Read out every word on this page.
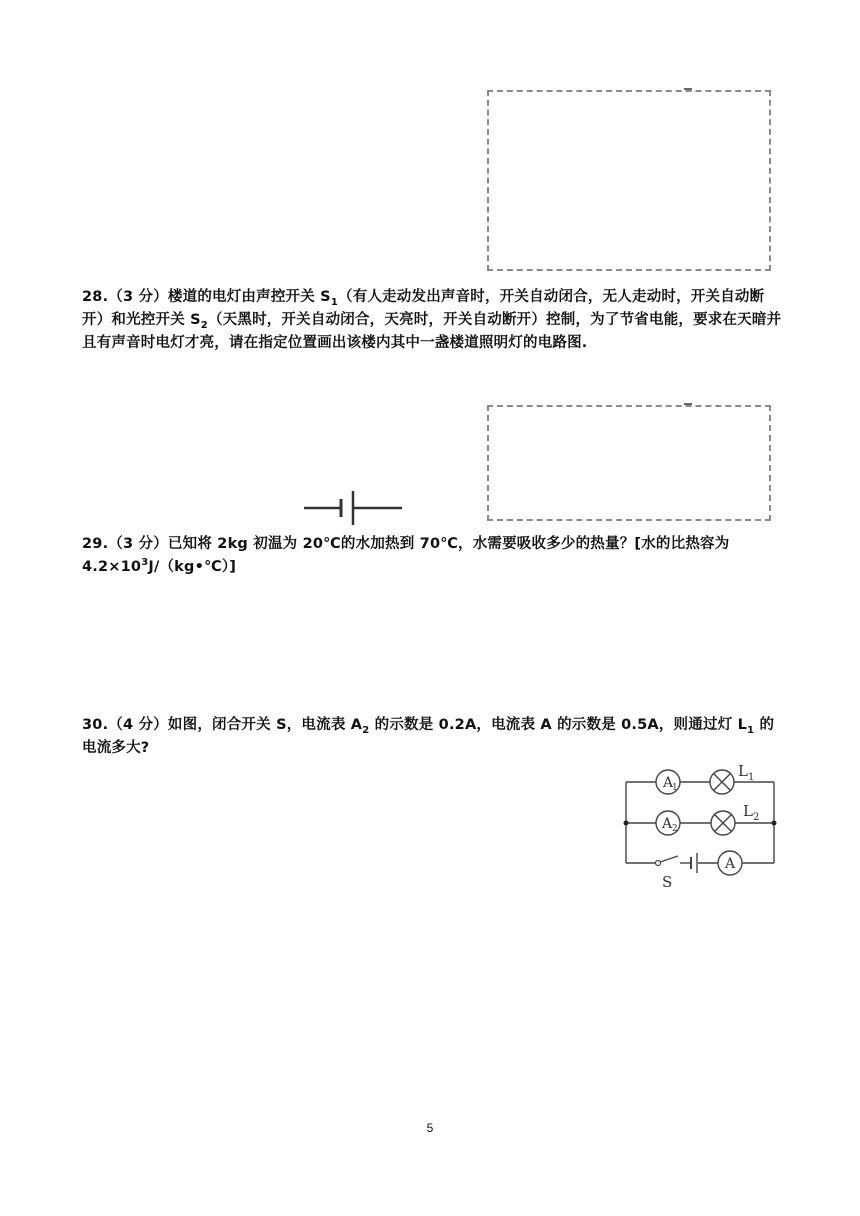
28.（3 分）楼道的电灯由声控开关 $S_1$（有人走动发出声音时，开关自动闭合，无人走动时，开关自动断开）和光控开关 $S_2$（天黑时，开关自动闭合，天亮时，开关自动断开）控制，为了节省电能，要求在天暗并且有声音时电灯才亮，请在指定位置画出该楼内其中一盏楼道照明灯的电路图.

29.（3 分）已知将 2kg 初温为 20℃的水加热到 70℃，水需要吸收多少的热量？[水的比热容为 $4.2\times 10^3J/(kg•℃)$]

30.（4 分）如图，闭合开关 S，电流表 $A_2$ 的示数是 0.2A，电流表 A 的示数是 0.5A，则通过灯 $L_1$ 的电流多大?

A
1
L 1
A 2
L 2
A
S
5
